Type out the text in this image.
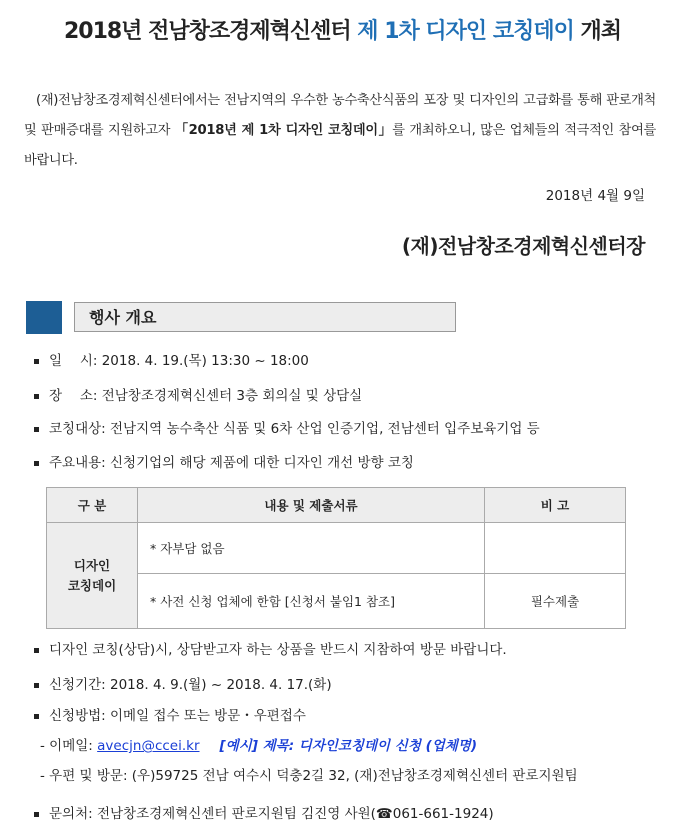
2018년 전남창조경제혁신센터 제 1차 디자인 코칭데이 개최
(재)전남창조경제혁신센터에서는 전남지역의 우수한 농수축산식품의 포장 및 디자인의 고급화를 통해 판로개척 및 판매증대를 지원하고자 「2018년 제 1차 디자인 코칭데이」를 개최하오니, 많은 업체들의 적극적인 참여를 바랍니다.
2018년 4월 9일
(재)전남창조경제혁신센터장
행사 개요
일　 시: 2018. 4. 19.(목) 13:30 ~ 18:00
장　 소: 전남창조경제혁신센터 3층 회의실 및 상담실
코칭대상: 전남지역 농수축산 식품 및 6차 산업 인증기업, 전남센터 입주보육기업 등
주요내용: 신청기업의 해당 제품에 대한 디자인 개선 방향 코칭
구 분	내용 및 제출서류	비 고

디자인
코칭데이	* 자부담 없음	
	* 사전 신청 업체에 한함 [신청서 붙임1 참조]	필수제출
디자인 코칭(상담)시, 상담받고자 하는 상품을 반드시 지참하여 방문 바랍니다.
신청기간: 2018. 4. 9.(월) ~ 2018. 4. 17.(화)
신청방법: 이메일 접수 또는 방문・우편접수
- 이메일: avecjn@ccei.kr [예시] 제목: 디자인코칭데이 신청 (업체명)
- 우편 및 방문: (우)59725 전남 여수시 덕충2길 32, (재)전남창조경제혁신센터 판로지원팀
문의처: 전남창조경제혁신센터 판로지원팀 김진영 사원(☎061-661-1924)
